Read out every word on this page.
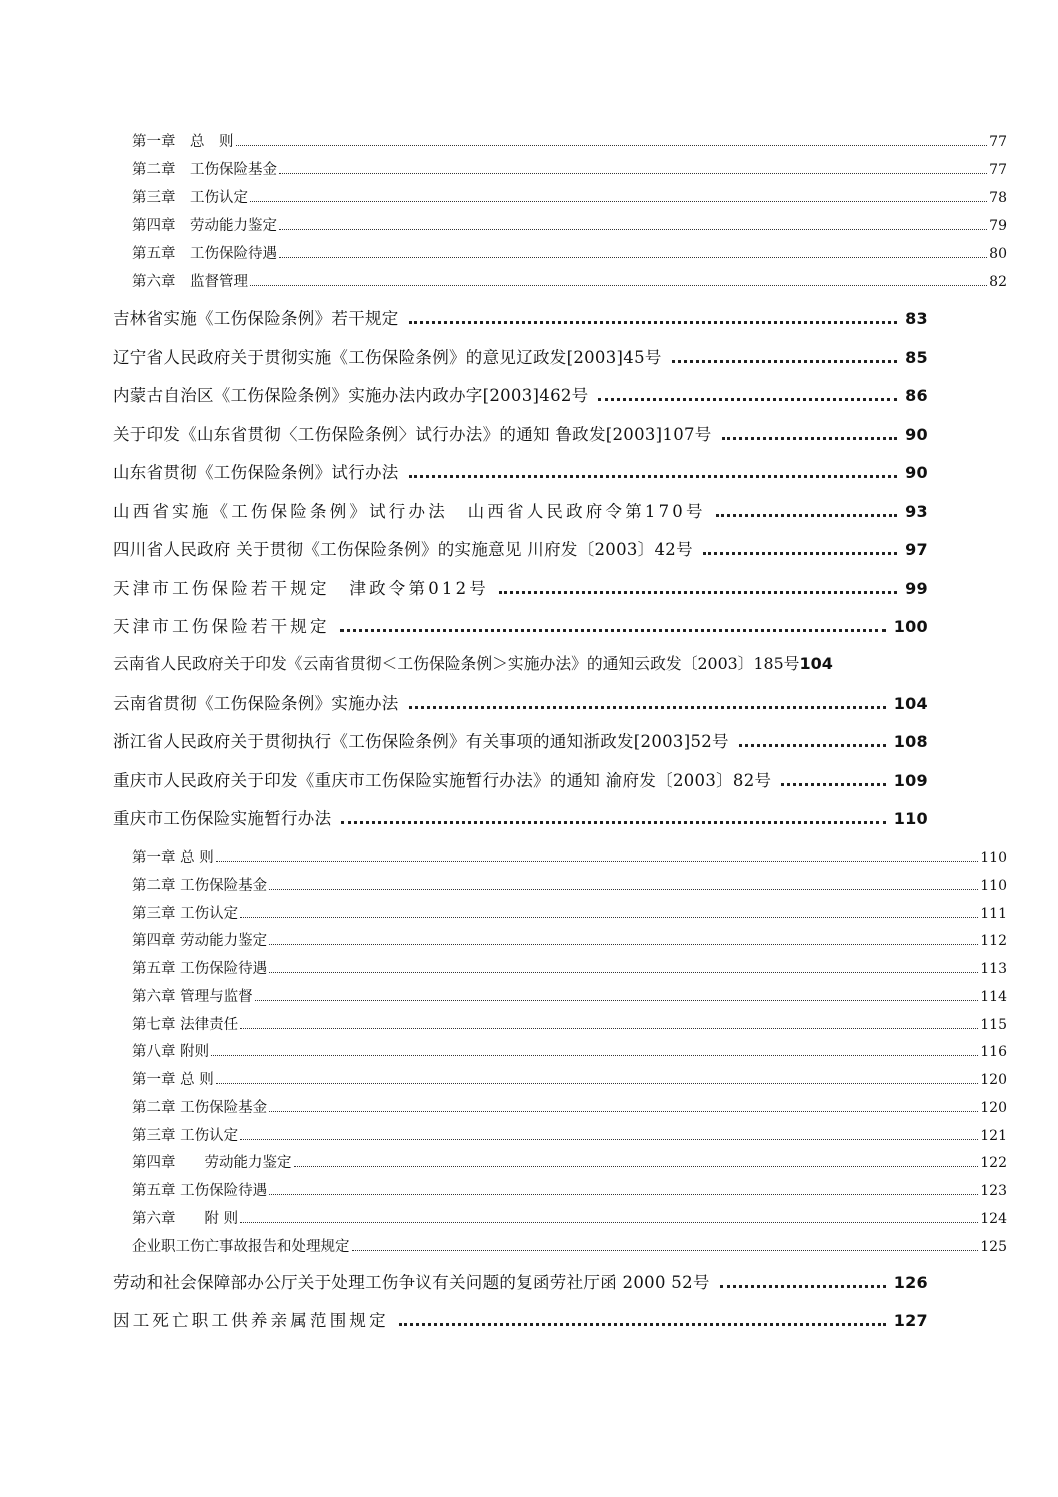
第一章　总　则	77
第二章　工伤保险基金	77
第三章　工伤认定	78
第四章　劳动能力鉴定	79
第五章　工伤保险待遇	80
第六章　监督管理	82
吉林省实施《工伤保险条例》若干规定	83
辽宁省人民政府关于贯彻实施《工伤保险条例》的意见辽政发[2003]45号	85
内蒙古自治区《工伤保险条例》实施办法内政办字[2003]462号	86
关于印发《山东省贯彻〈工伤保险条例〉试行办法》的通知 鲁政发[2003]107号	90
山东省贯彻《工伤保险条例》试行办法	90
山西省实施《工伤保险条例》试行办法　山西省人民政府令第170号	93
四川省人民政府 关于贯彻《工伤保险条例》的实施意见 川府发〔2003〕42号	97
天津市工伤保险若干规定　津政令第012号	99
天津市工伤保险若干规定	100
云南省人民政府关于印发《云南省贯彻＜工伤保险条例＞实施办法》的通知云政发〔2003〕185号 104
云南省贯彻《工伤保险条例》实施办法	104
浙江省人民政府关于贯彻执行《工伤保险条例》有关事项的通知浙政发[2003]52号	108
重庆市人民政府关于印发《重庆市工伤保险实施暂行办法》的通知 渝府发〔2003〕82号	109
重庆市工伤保险实施暂行办法	110
第一章 总 则	110
第二章 工伤保险基金	110
第三章 工伤认定	111
第四章 劳动能力鉴定	112
第五章 工伤保险待遇	113
第六章 管理与监督	114
第七章 法律责任	115
第八章 附则	116
第一章 总 则	120
第二章 工伤保险基金	120
第三章 工伤认定	121
第四章　　劳动能力鉴定	122
第五章 工伤保险待遇	123
第六章　　附 则	124
企业职工伤亡事故报告和处理规定	125
劳动和社会保障部办公厅关于处理工伤争议有关问题的复函劳社厅函 2000 52号	126
因工死亡职工供养亲属范围规定	127
